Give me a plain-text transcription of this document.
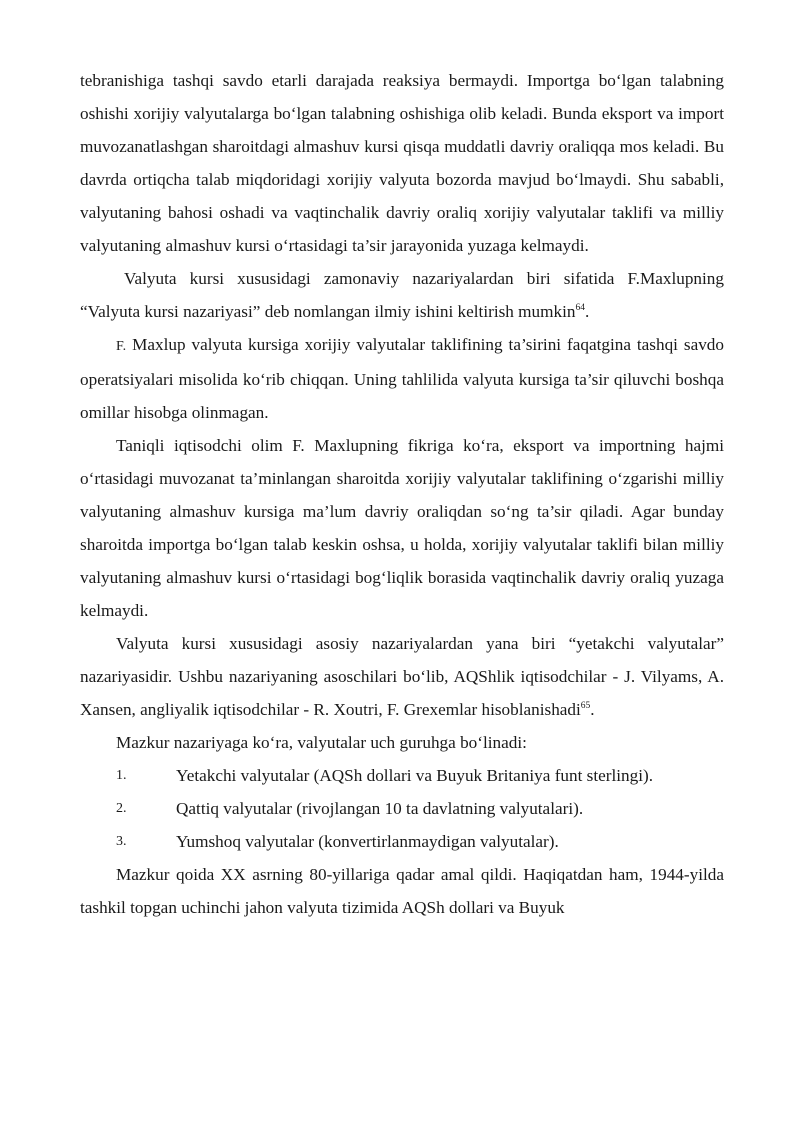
tebranishiga tashqi savdo etarli darajada reaksiya bermaydi. Importga bo‘lgan talabning oshishi xorijiy valyutalarga bo‘lgan talabning oshishiga olib keladi. Bunda eksport va import muvozanatlashgan sharoitdagi almashuv kursi qisqa muddatli davriy oraliqqa mos keladi. Bu davrda ortiqcha talab miqdoridagi xorijiy valyuta bozorda mavjud bo‘lmaydi. Shu sababli, valyutaning bahosi oshadi va vaqtinchalik davriy oraliq xorijiy valyutalar taklifi va milliy valyutaning almashuv kursi o‘rtasidagi ta’sir jarayonida yuzaga kelmaydi.

Valyuta kursi xususidagi zamonaviy nazariyalardan biri sifatida F.Maxlupning “Valyuta kursi nazariyasi” deb nomlangan ilmiy ishini keltirish mumkin$^{64}$.

F. Maxlup valyuta kursiga xorijiy valyutalar taklifining ta’sirini faqatgina tashqi savdo operatsiyalari misolida ko‘rib chiqqan. Uning tahlilida valyuta kursiga ta’sir qiluvchi boshqa omillar hisobga olinmagan.

Taniqli iqtisodchi olim F. Maxlupning fikriga ko‘ra, eksport va importning hajmi o‘rtasidagi muvozanat ta’minlangan sharoitda xorijiy valyutalar taklifining o‘zgarishi milliy valyutaning almashuv kursiga ma’lum davriy oraliqdan so‘ng ta’sir qiladi. Agar bunday sharoitda importga bo‘lgan talab keskin oshsa, u holda, xorijiy valyutalar taklifi bilan milliy valyutaning almashuv kursi o‘rtasidagi bog‘liqlik borasida vaqtinchalik davriy oraliq yuzaga kelmaydi.

Valyuta kursi xususidagi asosiy nazariyalardan yana biri “yetakchi valyutalar” nazariyasidir. Ushbu nazariyaning asoschilari bo‘lib, AQShlik iqtisodchilar - J. Vilyams, A. Xansen, angliyalik iqtisodchilar - R. Xoutri, F. Grexemlar hisoblanishadi$^{65}$.

Mazkur nazariyaga ko‘ra, valyutalar uch guruhga bo‘linadi:

1.	Yetakchi valyutalar (AQSh dollari va Buyuk Britaniya funt sterlingi).
2.	Qattiq valyutalar (rivojlangan 10 ta davlatning valyutalari).
3.	Yumshoq valyutalar (konvertirlanmaydigan valyutalar).

Mazkur qoida XX asrning 80-yillariga qadar amal qildi. Haqiqatdan ham, 1944-yilda tashkil topgan uchinchi jahon valyuta tizimida AQSh dollari va Buyuk
